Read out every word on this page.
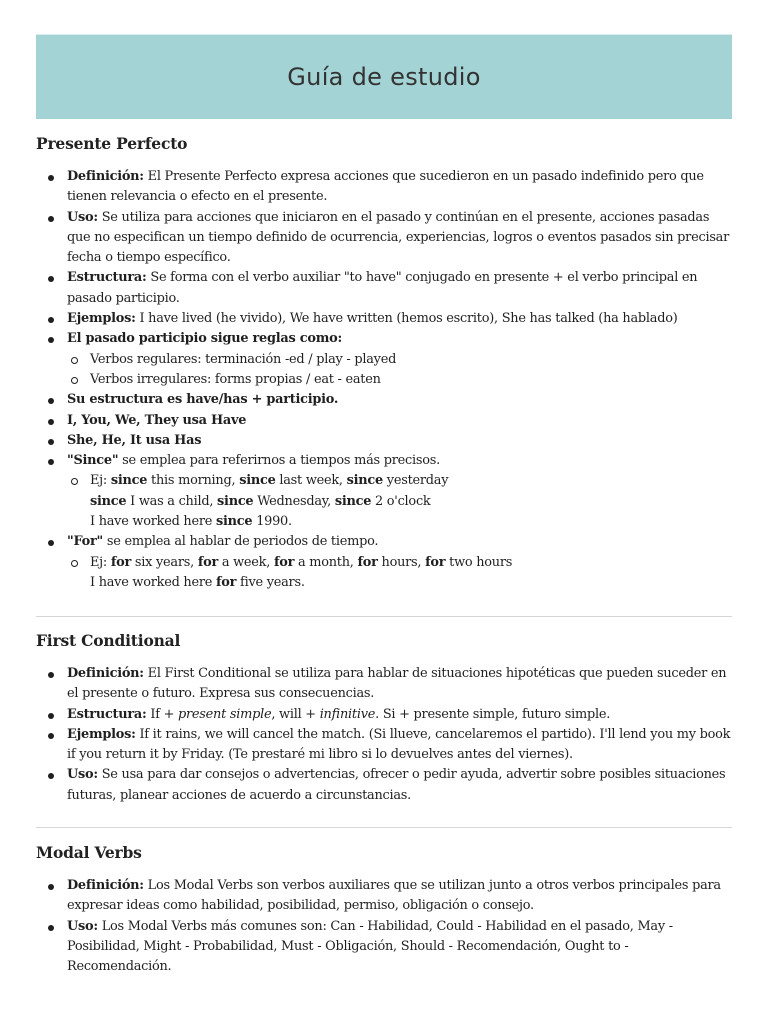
Guía de estudio
Presente Perfecto
Definición: El Presente Perfecto expresa acciones que sucedieron en un pasado indefinido pero que tienen relevancia o efecto en el presente.
Uso: Se utiliza para acciones que iniciaron en el pasado y continúan en el presente, acciones pasadas que no especifican un tiempo definido de ocurrencia, experiencias, logros o eventos pasados sin precisar fecha o tiempo específico.
Estructura: Se forma con el verbo auxiliar "to have" conjugado en presente + el verbo principal en pasado participio.
Ejemplos: I have lived (he vivido), We have written (hemos escrito), She has talked (ha hablado)
El pasado participio sigue reglas como:
Verbos regulares: terminación -ed / play - played
Verbos irregulares: forms propias / eat - eaten
Su estructura es have/has + participio.
I, You, We, They usa Have
She, He, It usa Has
"Since" se emplea para referirnos a tiempos más precisos.
Ej: since this morning, since last week, since yesterday
since I was a child, since Wednesday, since 2 o'clock
I have worked here since 1990.
"For" se emplea al hablar de periodos de tiempo.
Ej: for six years, for a week, for a month, for hours, for two hours
I have worked here for five years.
First Conditional
Definición: El First Conditional se utiliza para hablar de situaciones hipotéticas que pueden suceder en el presente o futuro. Expresa sus consecuencias.
Estructura: If + present simple, will + infinitive. Si + presente simple, futuro simple.
Ejemplos: If it rains, we will cancel the match. (Si llueve, cancelaremos el partido). I'll lend you my book if you return it by Friday. (Te prestaré mi libro si lo devuelves antes del viernes).
Uso: Se usa para dar consejos o advertencias, ofrecer o pedir ayuda, advertir sobre posibles situaciones futuras, planear acciones de acuerdo a circunstancias.
Modal Verbs
Definición: Los Modal Verbs son verbos auxiliares que se utilizan junto a otros verbos principales para expresar ideas como habilidad, posibilidad, permiso, obligación o consejo.
Uso: Los Modal Verbs más comunes son: Can - Habilidad, Could - Habilidad en el pasado, May - Posibilidad, Might - Probabilidad, Must - Obligación, Should - Recomendación, Ought to - Recomendación.
